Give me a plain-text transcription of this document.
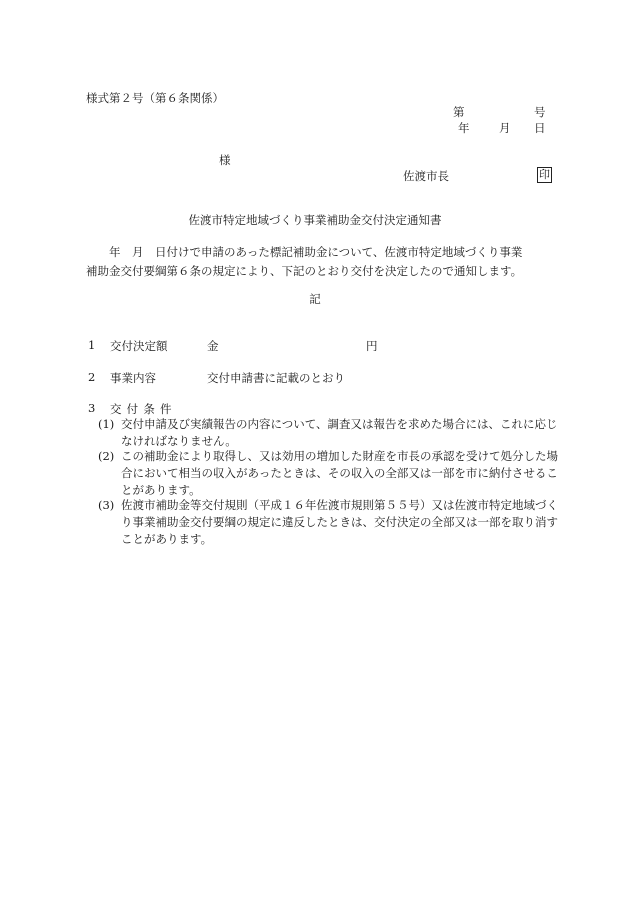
様式第２号（第６条関係）
第	号
年	月 日
様
佐渡市長	印
佐渡市特定地域づくり事業補助金交付決定通知書

　　年　月　日付けで申請のあった標記補助金について、佐渡市特定地域づくり事業

補助金交付要綱第６条の規定により、下記のとおり交付を決定したので通知します。

記
1 交付決定額	金	円
2 事業内容	交付申請書に記載のとおり
3 交付条件
(1) 交付申請及び実績報告の内容について、調査又は報告を求めた場合には、これに応じなければなりません。
(2) この補助金により取得し、又は効用の増加した財産を市長の承認を受けて処分した場合において相当の収入があったときは、その収入の全部又は一部を市に納付させることがあります。
(3) 佐渡市補助金等交付規則（平成１６年佐渡市規則第５５号）又は佐渡市特定地域づくり事業補助金交付要綱の規定に違反したときは、交付決定の全部又は一部を取り消すことがあります。
